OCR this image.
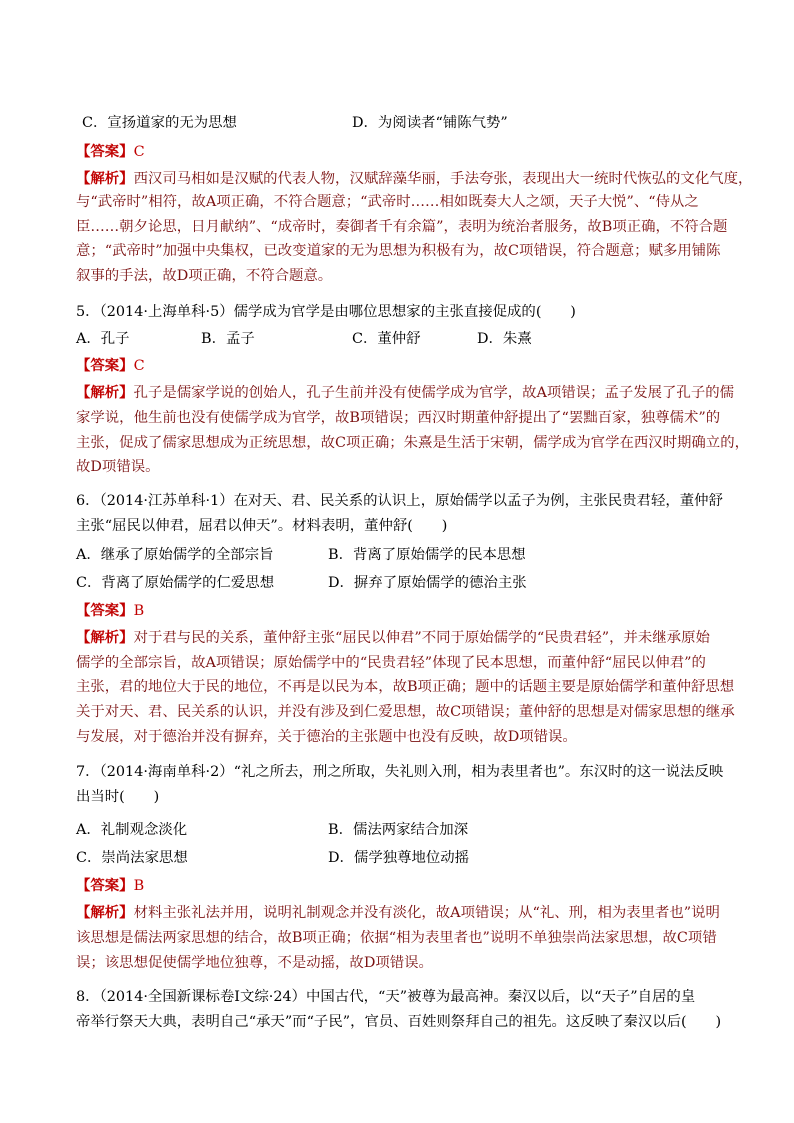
C．宣扬道家的无为思想	D．为阅读者“铺陈气势”
【答案】C
【解析】西汉司马相如是汉赋的代表人物，汉赋辞藻华丽，手法夸张，表现出大一统时代恢弘的文化气度，
与“武帝时”相符，故A项正确，不符合题意；“武帝时……相如既奏大人之颂，天子大悦”、“侍从之
臣……朝夕论思，日月献纳”、“成帝时，奏御者千有余篇”，表明为统治者服务，故B项正确，不符合题
意；“武帝时”加强中央集权，已改变道家的无为思想为积极有为，故C项错误，符合题意；赋多用铺陈
叙事的手法，故D项正确，不符合题意。
5．（2014·上海单科·5）儒学成为官学是由哪位思想家的主张直接促成的(　　)
A．孔子	B．孟子	C．董仲舒	D．朱熹
【答案】C
【解析】孔子是儒家学说的创始人，孔子生前并没有使儒学成为官学，故A项错误；孟子发展了孔子的儒
家学说，他生前也没有使儒学成为官学，故B项错误；西汉时期董仲舒提出了“罢黜百家，独尊儒术”的
主张，促成了儒家思想成为正统思想，故C项正确；朱熹是生活于宋朝，儒学成为官学在西汉时期确立的，
故D项错误。
6．（2014·江苏单科·1）在对天、君、民关系的认识上，原始儒学以孟子为例，主张民贵君轻，董仲舒
主张“屈民以伸君，屈君以伸天”。材料表明，董仲舒(　　)
A．继承了原始儒学的全部宗旨	B．背离了原始儒学的民本思想
C．背离了原始儒学的仁爱思想	D．摒弃了原始儒学的德治主张
【答案】B
【解析】对于君与民的关系，董仲舒主张“屈民以伸君”不同于原始儒学的“民贵君轻”，并未继承原始
儒学的全部宗旨，故A项错误；原始儒学中的“民贵君轻”体现了民本思想，而董仲舒“屈民以伸君”的
主张，君的地位大于民的地位，不再是以民为本，故B项正确；题中的话题主要是原始儒学和董仲舒思想
关于对天、君、民关系的认识，并没有涉及到仁爱思想，故C项错误；董仲舒的思想是对儒家思想的继承
与发展，对于德治并没有摒弃，关于德治的主张题中也没有反映，故D项错误。
7．（2014·海南单科·2）“礼之所去，刑之所取，失礼则入刑，相为表里者也”。东汉时的这一说法反映
出当时(　　)
A．礼制观念淡化	B．儒法两家结合加深
C．崇尚法家思想	D．儒学独尊地位动摇
【答案】B
【解析】材料主张礼法并用，说明礼制观念并没有淡化，故A项错误；从“礼、刑，相为表里者也”说明
该思想是儒法两家思想的结合，故B项正确；依据“相为表里者也”说明不单独崇尚法家思想，故C项错
误；该思想促使儒学地位独尊，不是动摇，故D项错误。
8．（2014·全国新课标卷Ⅰ文综·24）中国古代，“天”被尊为最高神。秦汉以后，以“天子”自居的皇
帝举行祭天大典，表明自己“承天”而“子民”，官员、百姓则祭拜自己的祖先。这反映了秦汉以后(　　)
